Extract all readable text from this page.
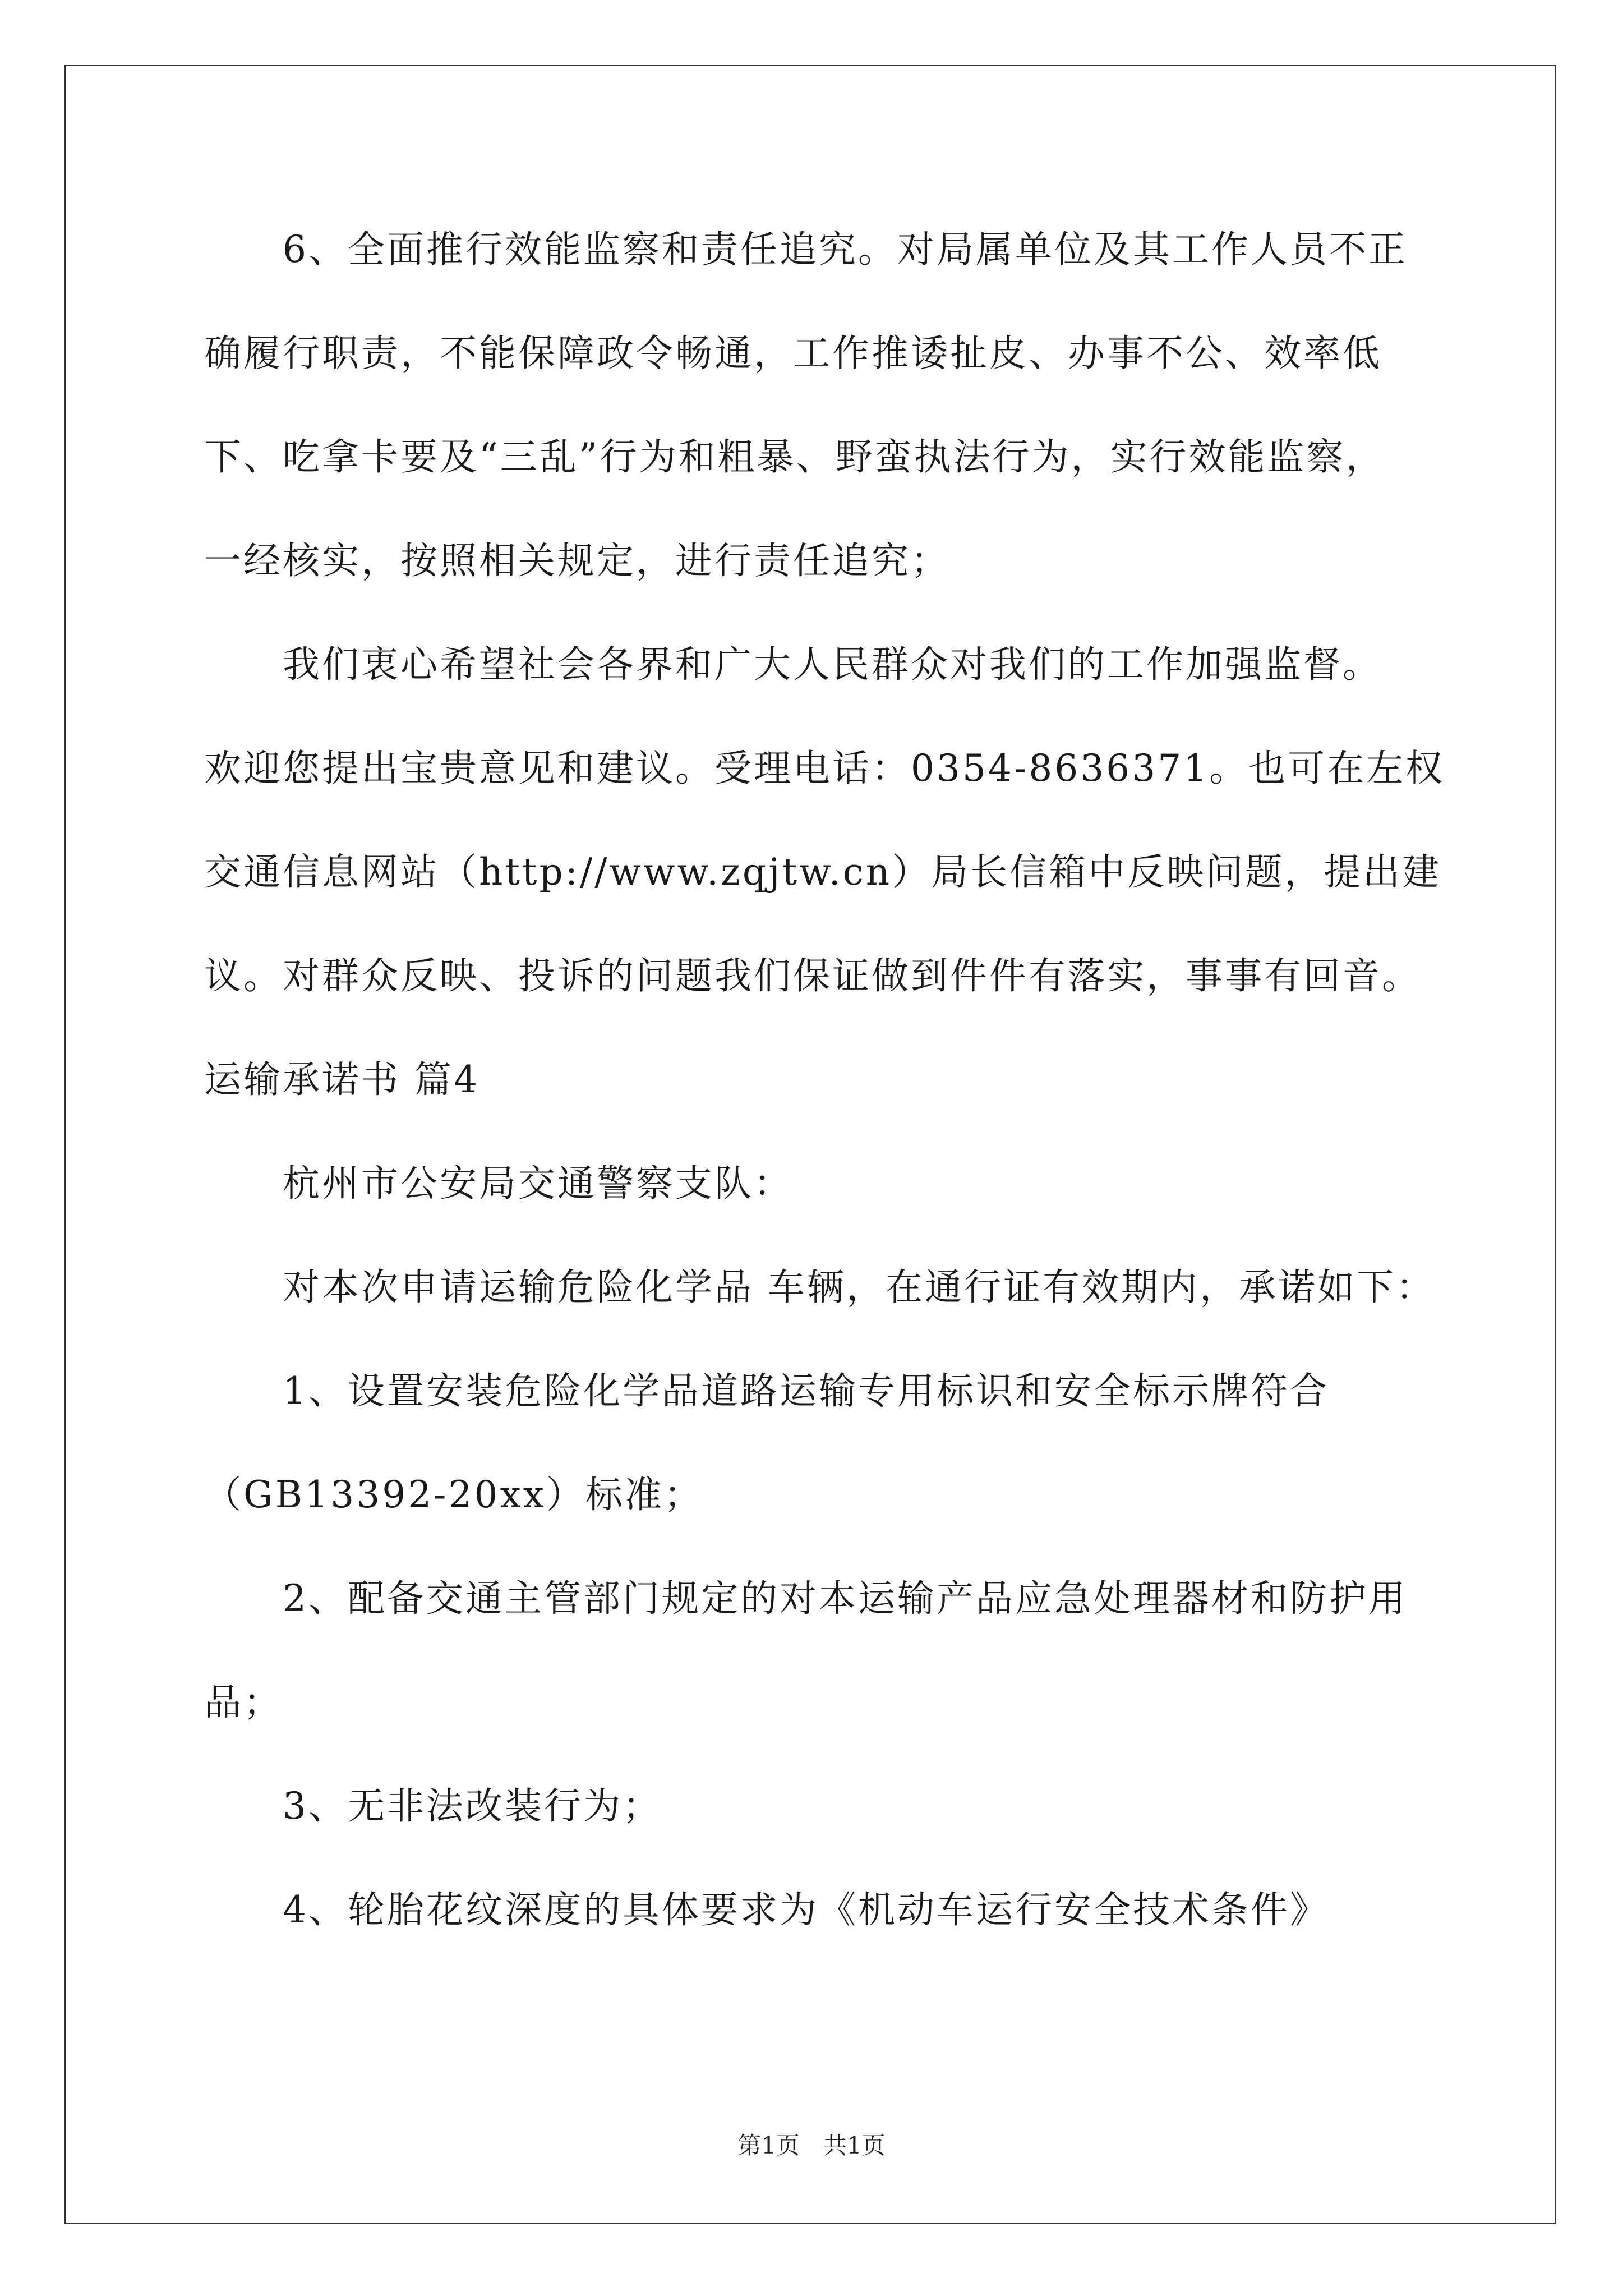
　　6、全面推行效能监察和责任追究。对局属单位及其工作人员不正
确履行职责，不能保障政令畅通，工作推诿扯皮、办事不公、效率低
下、吃拿卡要及“三乱”行为和粗暴、野蛮执法行为，实行效能监察，
一经核实，按照相关规定，进行责任追究；
　　我们衷心希望社会各界和广大人民群众对我们的工作加强监督。
欢迎您提出宝贵意见和建议。受理电话：0354-8636371。也可在左权
交通信息网站（http://www.zqjtw.cn）局长信箱中反映问题，提出建
议。对群众反映、投诉的问题我们保证做到件件有落实，事事有回音。
运输承诺书 篇4
　　杭州市公安局交通警察支队：
　　对本次申请运输危险化学品 车辆，在通行证有效期内，承诺如下：
　　1、设置安装危险化学品道路运输专用标识和安全标示牌符合
（GB13392-20xx）标准；
　　2、配备交通主管部门规定的对本运输产品应急处理器材和防护用
品；
　　3、无非法改装行为；
　　4、轮胎花纹深度的具体要求为《机动车运行安全技术条件》
第1页　共1页
